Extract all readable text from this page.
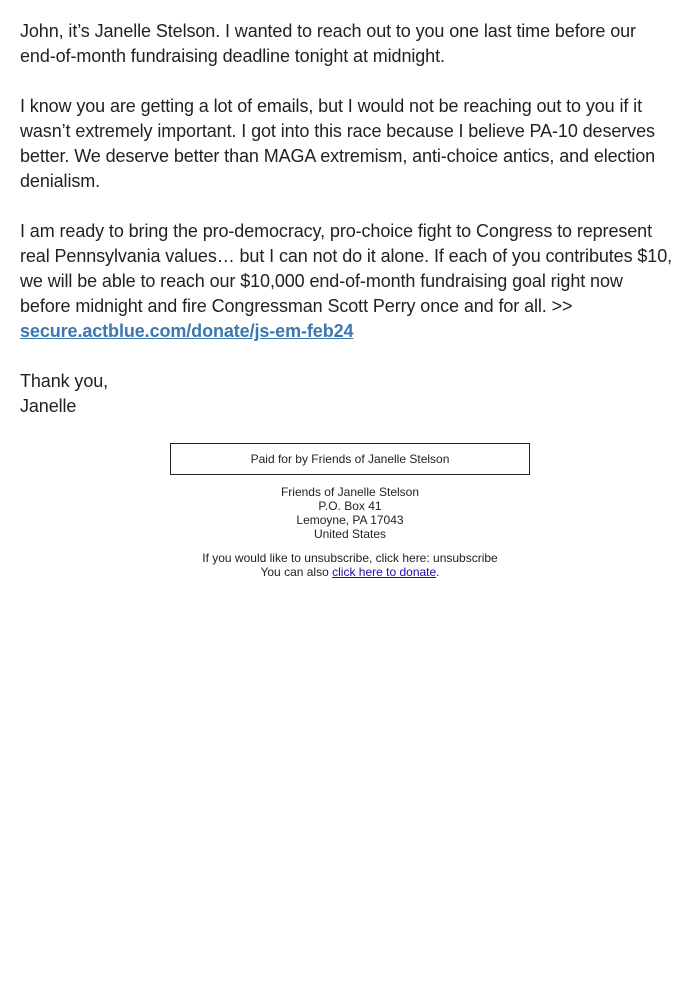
John, it’s Janelle Stelson. I wanted to reach out to you one last time before our end-of-month fundraising deadline tonight at midnight.

I know you are getting a lot of emails, but I would not be reaching out to you if it wasn’t extremely important. I got into this race because I believe PA-10 deserves better. We deserve better than MAGA extremism, anti-choice antics, and election denialism.

I am ready to bring the pro-democracy, pro-choice fight to Congress to represent real Pennsylvania values… but I can not do it alone. If each of you contributes $10, we will be able to reach our $10,000 end-of-month fundraising goal right now before midnight and fire Congressman Scott Perry once and for all. >>
secure.actblue.com/donate/js-em-feb24

Thank you,
Janelle

Paid for by Friends of Janelle Stelson
Friends of Janelle Stelson
P.O. Box 41
Lemoyne, PA 17043
United States
If you would like to unsubscribe, click here: unsubscribe
You can also click here to donate.
